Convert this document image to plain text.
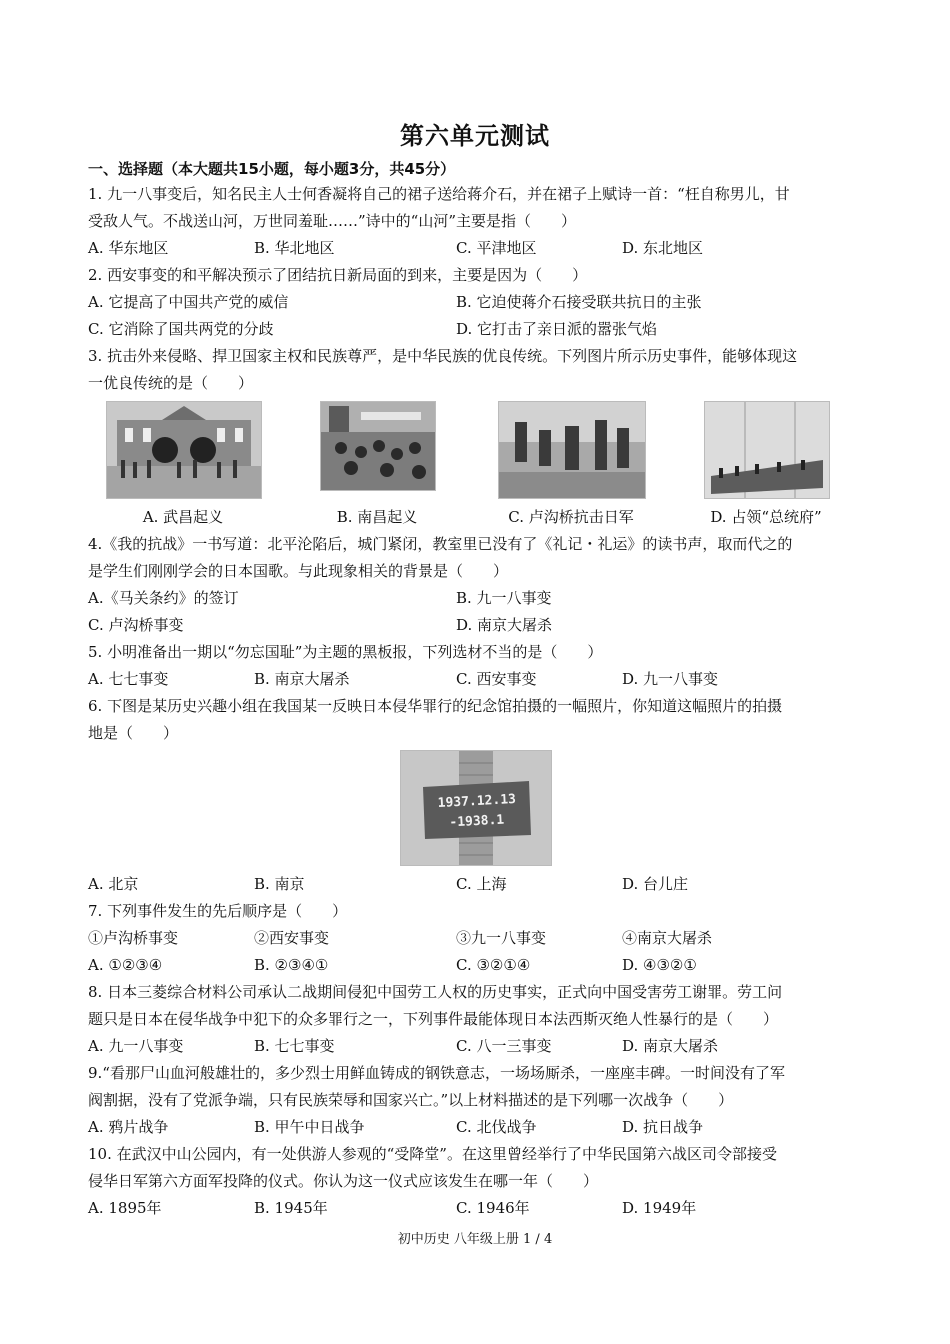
第六单元测试
一、选择题（本大题共15小题，每小题3分，共45分）
1. 九一八事变后，知名民主人士何香凝将自己的裙子送给蒋介石，并在裙子上赋诗一首：“枉自称男儿，甘
受敌人气。不战送山河，万世同羞耻……”诗中的“山河”主要是指（　　）
A. 华东地区	B. 华北地区	C. 平津地区	D. 东北地区
2. 西安事变的和平解决预示了团结抗日新局面的到来，主要是因为（　　）
A. 它提高了中国共产党的威信	B. 它迫使蒋介石接受联共抗日的主张
C. 它消除了国共两党的分歧	D. 它打击了亲日派的嚣张气焰
3. 抗击外来侵略、捍卫国家主权和民族尊严，是中华民族的优良传统。下列图片所示历史事件，能够体现这
一优良传统的是（　　）
A. 武昌起义	B. 南昌起义	C. 卢沟桥抗击日军	D. 占领“总统府”
4.《我的抗战》一书写道：北平沦陷后，城门紧闭，教室里已没有了《礼记・礼运》的读书声，取而代之的
是学生们刚刚学会的日本国歌。与此现象相关的背景是（　　）
A.《马关条约》的签订	B. 九一八事变
C. 卢沟桥事变	D. 南京大屠杀
5. 小明准备出一期以“勿忘国耻”为主题的黑板报，下列选材不当的是（　　）
A. 七七事变	B. 南京大屠杀	C. 西安事变	D. 九一八事变
6. 下图是某历史兴趣小组在我国某一反映日本侵华罪行的纪念馆拍摄的一幅照片，你知道这幅照片的拍摄
地是（　　）
1937.12.13
-1938.1
A. 北京	B. 南京	C. 上海	D. 台儿庄
7. 下列事件发生的先后顺序是（　　）
①卢沟桥事变	②西安事变	③九一八事变	④南京大屠杀
A. ①②③④	B. ②③④①	C. ③②①④	D. ④③②①
8. 日本三菱综合材料公司承认二战期间侵犯中国劳工人权的历史事实，正式向中国受害劳工谢罪。劳工问
题只是日本在侵华战争中犯下的众多罪行之一，下列事件最能体现日本法西斯灭绝人性暴行的是（　　）
A. 九一八事变	B. 七七事变	C. 八一三事变	D. 南京大屠杀
9.“看那尸山血河般雄壮的，多少烈士用鲜血铸成的钢铁意志，一场场厮杀，一座座丰碑。一时间没有了军
阀割据，没有了党派争端，只有民族荣辱和国家兴亡。”以上材料描述的是下列哪一次战争（　　）
A. 鸦片战争	B. 甲午中日战争	C. 北伐战争	D. 抗日战争
10. 在武汉中山公园内，有一处供游人参观的“受降堂”。在这里曾经举行了中华民国第六战区司令部接受
侵华日军第六方面军投降的仪式。你认为这一仪式应该发生在哪一年（　　）
A. 1895年	B. 1945年	C. 1946年	D. 1949年
初中历史 八年级上册 1 / 4
